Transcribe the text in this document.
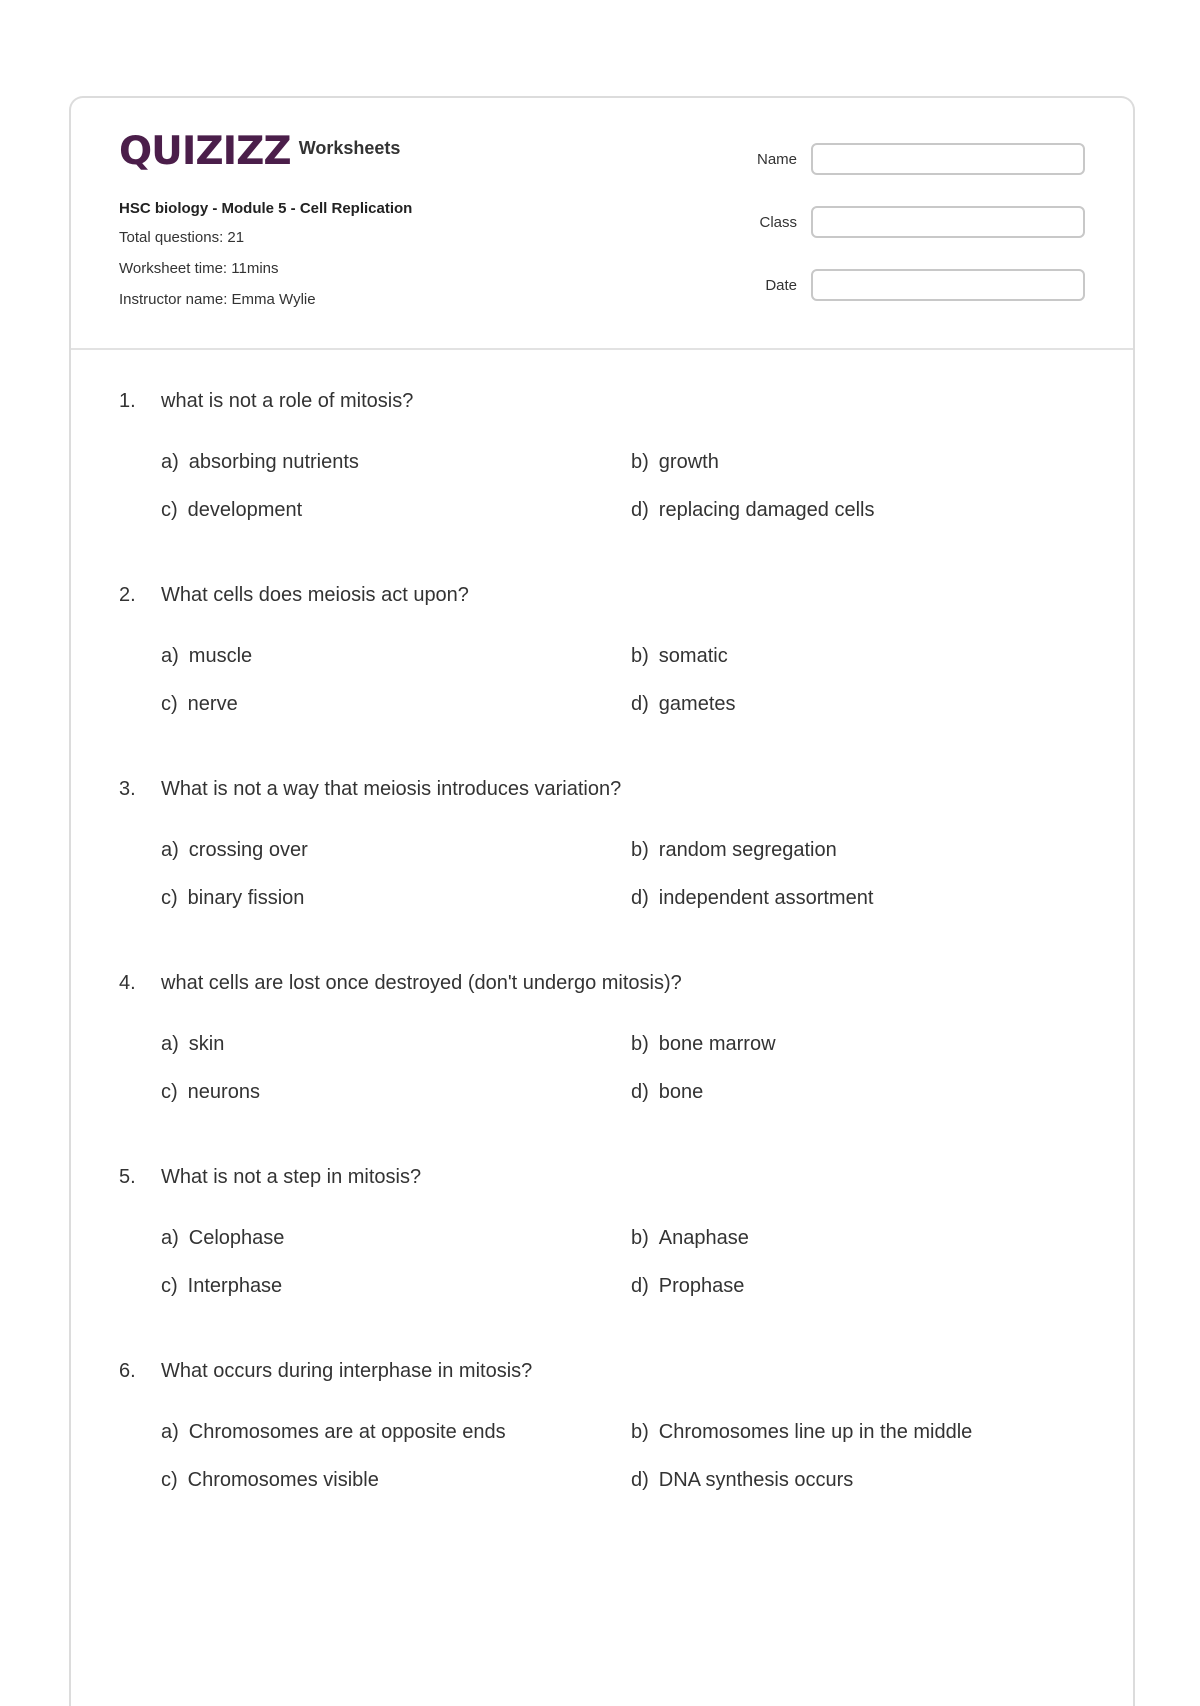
QUIZIZZ Worksheets
HSC biology - Module 5 - Cell Replication
Total questions: 21
Worksheet time: 11mins
Instructor name: Emma Wylie
Name
Class
Date
1. what is not a role of mitosis?
a) absorbing nutrients	b) growth
c) development	d) replacing damaged cells
2. What cells does meiosis act upon?
a) muscle	b) somatic
c) nerve	d) gametes
3. What is not a way that meiosis introduces variation?
a) crossing over	b) random segregation
c) binary fission	d) independent assortment
4. what cells are lost once destroyed (don't undergo mitosis)?
a) skin	b) bone marrow
c) neurons	d) bone
5. What is not a step in mitosis?
a) Celophase	b) Anaphase
c) Interphase	d) Prophase
6. What occurs during interphase in mitosis?
a) Chromosomes are at opposite ends	b) Chromosomes line up in the middle
c) Chromosomes visible	d) DNA synthesis occurs
